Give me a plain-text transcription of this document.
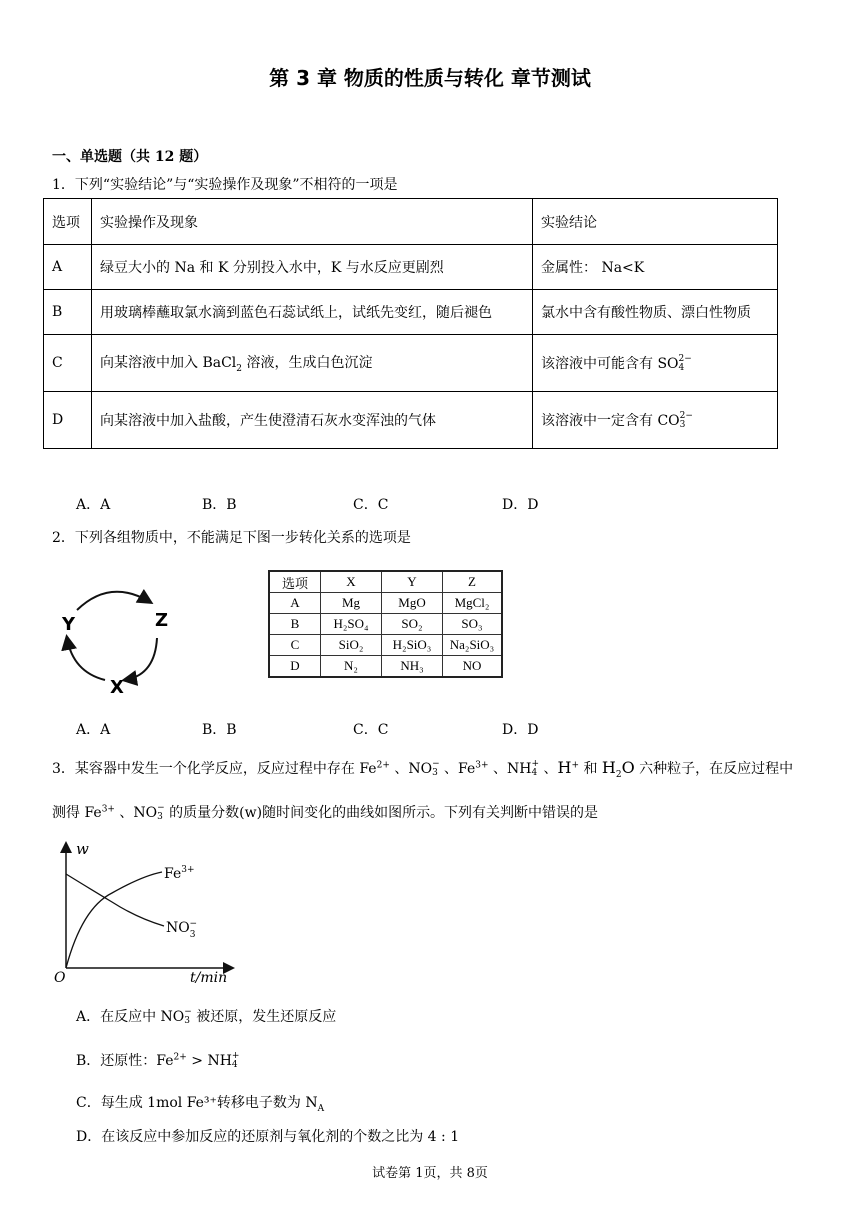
第 3 章 物质的性质与转化 章节测试
一、单选题（共 12 题）
1．下列“实验结论”与“实验操作及现象”不相符的一项是
选项	实验操作及现象	实验结论
A	绿豆大小的 Na 和 K 分别投入水中，K 与水反应更剧烈	金属性： Na<K
B	用玻璃棒蘸取氯水滴到蓝色石蕊试纸上，试纸先变红，随后褪色	氯水中含有酸性物质、漂白性物质
C	向某溶液中加入 BaCl$_2$ 溶液，生成白色沉淀	该溶液中可能含有 SO 2−
4

D	向某溶液中加入盐酸，产生使澄清石灰水变浑浊的气体	该溶液中一定含有 CO 2−
3
A．A	B．B	C．C	D．D
2．下列各组物质中，不能满足下图一步转化关系的选项是
Y	Z
X
选项	X	Y	Z
A	Mg	MgO	MgCl₂
B	H₂SO₄	SO₂	SO₃
C	SiO₂	H₂SiO₃	Na₂SiO₃
D	N₂	NH₃	NO
A．A	B．B	C．C	D．D
3．某容器中发生一个化学反应，反应过程中存在 $Fe^{2+}$ 、NO −
3 、$Fe^{3+}$ 、NH +
4 、H+ 和 $H_2O$ 六种粒子，在反应过程中
测得 $Fe^{3+}$ 、NO −
3 的质量分数(w)随时间变化的曲线如图所示。下列有关判断中错误的是
w
t/min
O
$Fe^{3+}$
$NO_3-$
A．在反应中 NO −
3 被还原，发生还原反应
B．还原性：$Fe^{2+}$ > NH +
4
C．每生成 1mol Fe³⁺转移电子数为 $N_A$
D．在该反应中参加反应的还原剂与氧化剂的个数之比为 4 : 1
试卷第 1页，共 8页
